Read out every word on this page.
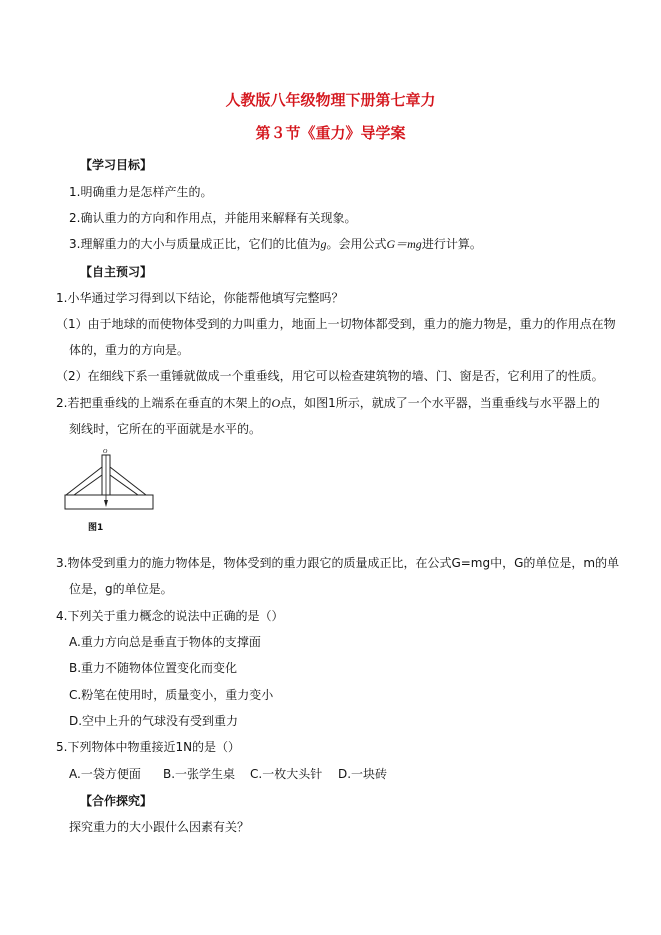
人教版八年级物理下册第七章力
第３节《重力》导学案
【学习目标】
1.明确重力是怎样产生的。
2.确认重力的方向和作用点，并能用来解释有关现象。
3.理解重力的大小与质量成正比，它们的比值为g。会用公式G＝mg进行计算。
【自主预习】
1.小华通过学习得到以下结论，你能帮他填写完整吗？
（1）由于地球的而使物体受到的力叫重力，地面上一切物体都受到，重力的施力物是，重力的作用点在物
体的，重力的方向是。
（2）在细线下系一重锤就做成一个重垂线，用它可以检查建筑物的墙、门、窗是否，它利用了的性质。
2.若把重垂线的上端系在垂直的木架上的O点，如图1所示，就成了一个水平器，当重垂线与水平器上的
刻线时，它所在的平面就是水平的。
O
图1
3.物体受到重力的施力物体是，物体受到的重力跟它的质量成正比，在公式G=mg中，G的单位是，m的单
位是，g的单位是。
4.下列关于重力概念的说法中正确的是（）
A.重力方向总是垂直于物体的支撑面
B.重力不随物体位置变化而变化
C.粉笔在使用时，质量变小，重力变小
D.空中上升的气球没有受到重力
5.下列物体中物重接近1N的是（）
A.一袋方便面 B.一张学生桌 C.一枚大头针 D.一块砖
【合作探究】
探究重力的大小跟什么因素有关？
